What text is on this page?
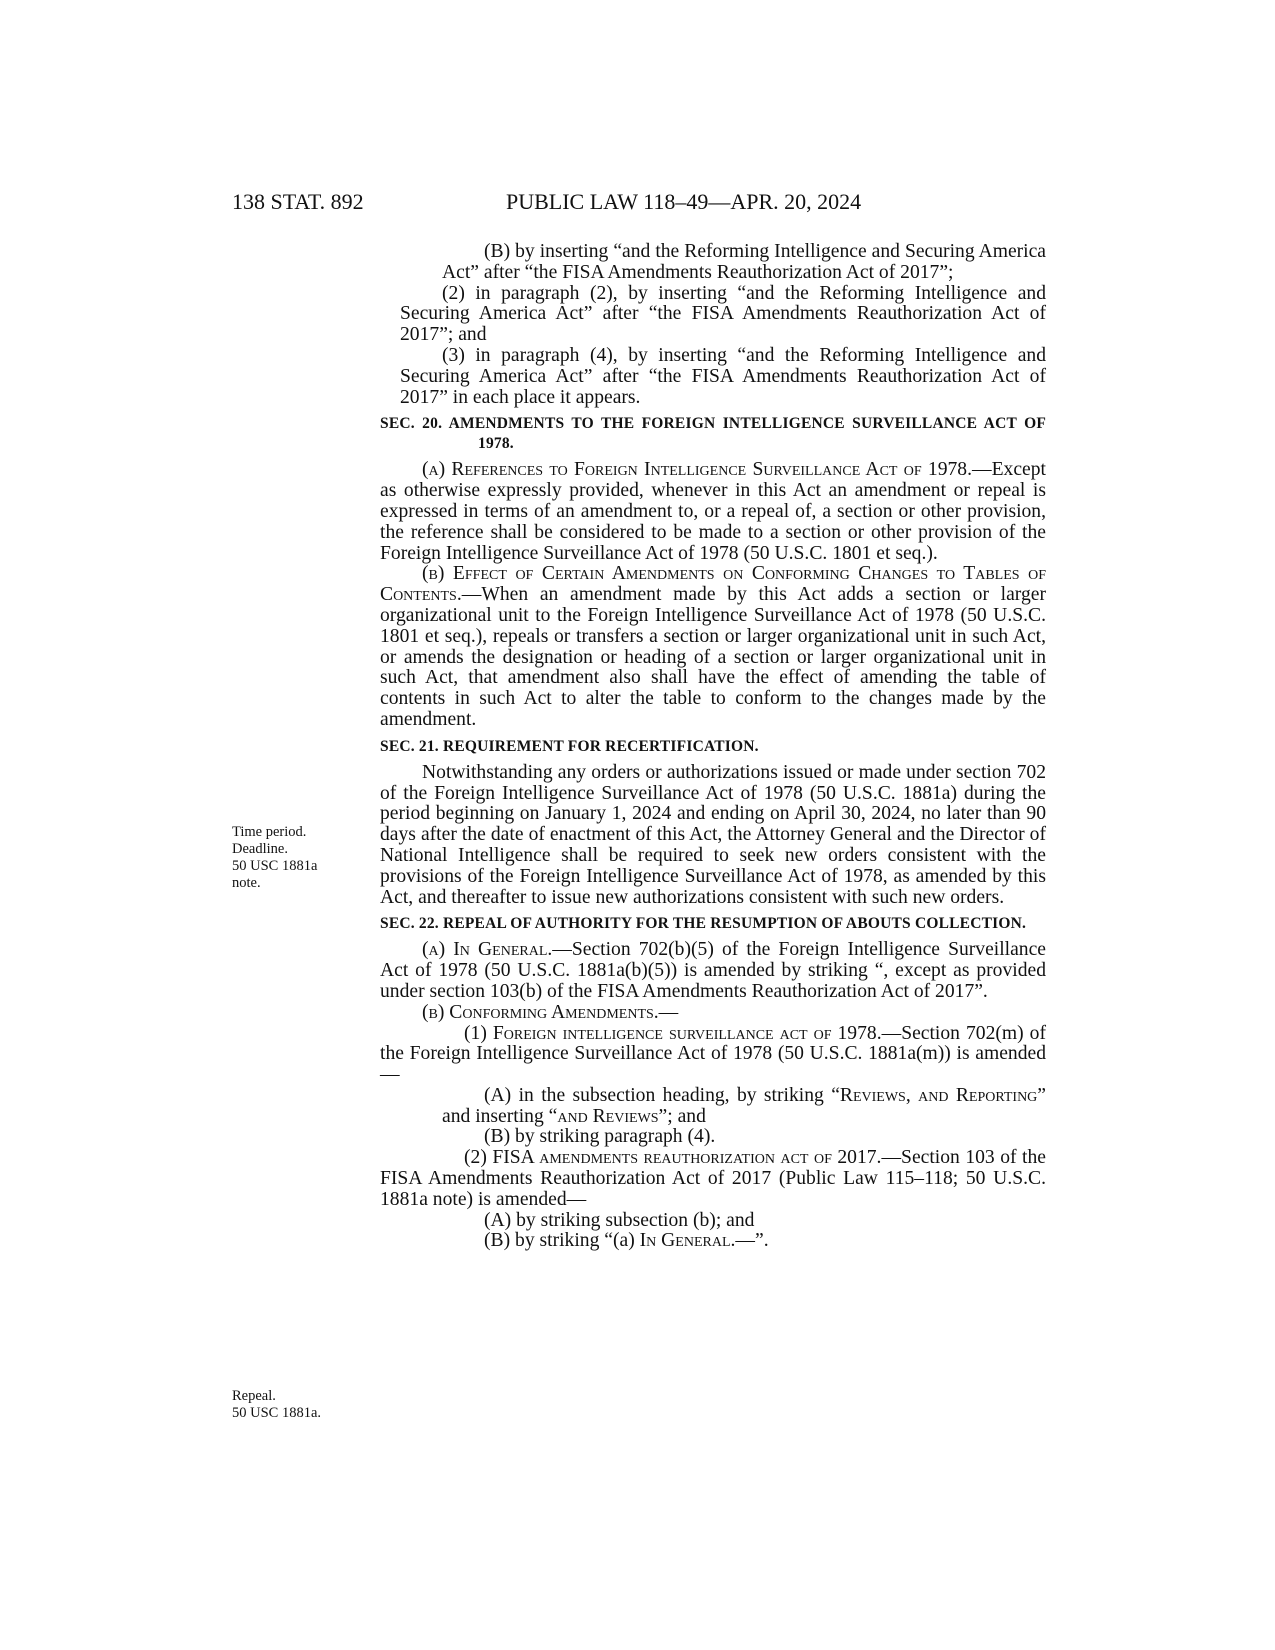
138 STAT. 892	PUBLIC LAW 118–49—APR. 20, 2024
Time period.
Deadline.
50 USC 1881a
note.
Repeal.
50 USC 1881a.

(B) by inserting “and the Reforming Intelligence and Securing America Act” after “the FISA Amendments Reauthorization Act of 2017”;

(2) in paragraph (2), by inserting “and the Reforming Intelligence and Securing America Act” after “the FISA Amendments Reauthorization Act of 2017”; and

(3) in paragraph (4), by inserting “and the Reforming Intelligence and Securing America Act” after “the FISA Amendments Reauthorization Act of 2017” in each place it appears.

SEC. 20. AMENDMENTS TO THE FOREIGN INTELLIGENCE SURVEILLANCE ACT OF 1978.

(a) References to Foreign Intelligence Surveillance Act of 1978.—Except as otherwise expressly provided, whenever in this Act an amendment or repeal is expressed in terms of an amendment to, or a repeal of, a section or other provision, the reference shall be considered to be made to a section or other provision of the Foreign Intelligence Surveillance Act of 1978 (50 U.S.C. 1801 et seq.).

(b) Effect of Certain Amendments on Conforming Changes to Tables of Contents.—When an amendment made by this Act adds a section or larger organizational unit to the Foreign Intelligence Surveillance Act of 1978 (50 U.S.C. 1801 et seq.), repeals or transfers a section or larger organizational unit in such Act, or amends the designation or heading of a section or larger organizational unit in such Act, that amendment also shall have the effect of amending the table of contents in such Act to alter the table to conform to the changes made by the amendment.

SEC. 21. REQUIREMENT FOR RECERTIFICATION.

Notwithstanding any orders or authorizations issued or made under section 702 of the Foreign Intelligence Surveillance Act of 1978 (50 U.S.C. 1881a) during the period beginning on January 1, 2024 and ending on April 30, 2024, no later than 90 days after the date of enactment of this Act, the Attorney General and the Director of National Intelligence shall be required to seek new orders consistent with the provisions of the Foreign Intelligence Surveillance Act of 1978, as amended by this Act, and thereafter to issue new authorizations consistent with such new orders.

SEC. 22. REPEAL OF AUTHORITY FOR THE RESUMPTION OF ABOUTS COLLECTION.

(a) In General.—Section 702(b)(5) of the Foreign Intelligence Surveillance Act of 1978 (50 U.S.C. 1881a(b)(5)) is amended by striking “, except as provided under section 103(b) of the FISA Amendments Reauthorization Act of 2017”.

(b) Conforming Amendments.—

(1) Foreign intelligence surveillance act of 1978.—Section 702(m) of the Foreign Intelligence Surveillance Act of 1978 (50 U.S.C. 1881a(m)) is amended—

(A) in the subsection heading, by striking “Reviews, and Reporting” and inserting “and Reviews”; and

(B) by striking paragraph (4).

(2) FISA amendments reauthorization act of 2017.—Section 103 of the FISA Amendments Reauthorization Act of 2017 (Public Law 115–118; 50 U.S.C. 1881a note) is amended—

(A) by striking subsection (b); and

(B) by striking “(a) In General.—”.
